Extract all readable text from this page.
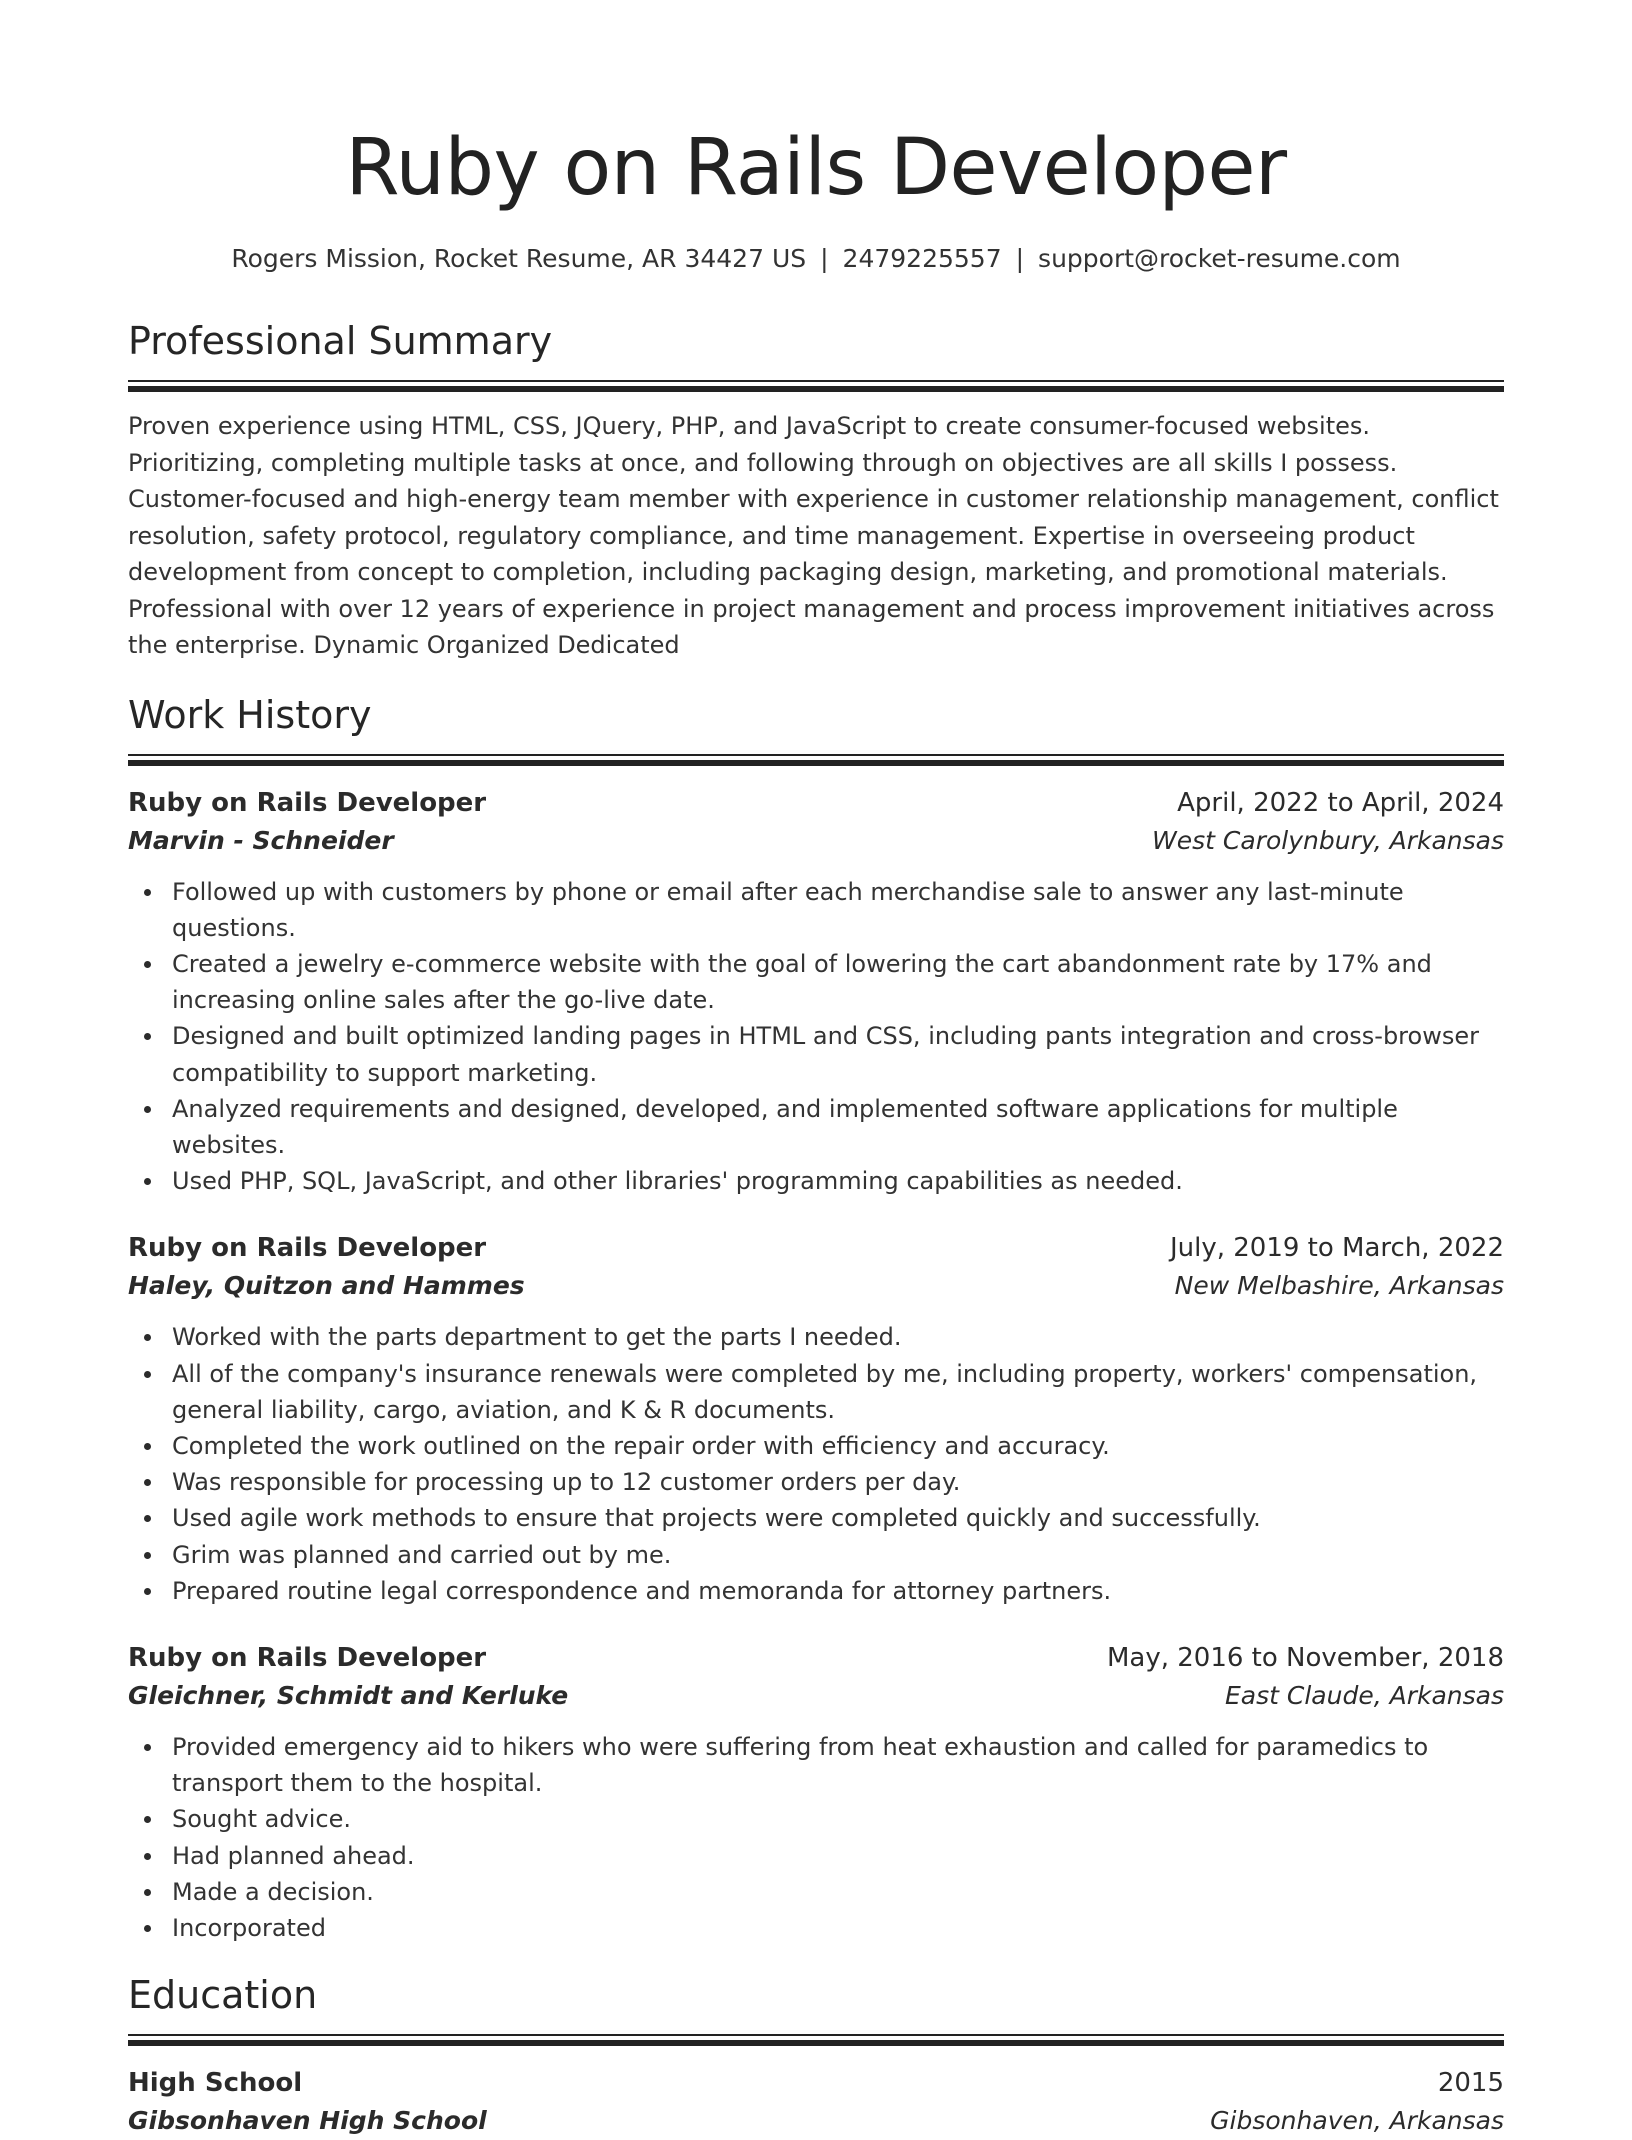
Ruby on Rails Developer
Rogers Mission, Rocket Resume, AR 34427 US | 2479225557 | support@rocket-resume.com
Professional Summary

Proven experience using HTML, CSS, JQuery, PHP, and JavaScript to create consumer-focused websites. Prioritizing, completing multiple tasks at once, and following through on objectives are all skills I possess. Customer-focused and high-energy team member with experience in customer relationship management, conflict resolution, safety protocol, regulatory compliance, and time management. Expertise in overseeing product development from concept to completion, including packaging design, marketing, and promotional materials. Professional with over 12 years of experience in project management and process improvement initiatives across the enterprise. Dynamic Organized Dedicated

Work History
Ruby on Rails Developer	April, 2022 to April, 2024
Marvin - Schneider	West Carolynbury, Arkansas
Followed up with customers by phone or email after each merchandise sale to answer any last-minute questions.
Created a jewelry e-commerce website with the goal of lowering the cart abandonment rate by 17% and increasing online sales after the go-live date.
Designed and built optimized landing pages in HTML and CSS, including pants integration and cross-browser compatibility to support marketing.
Analyzed requirements and designed, developed, and implemented software applications for multiple websites.
Used PHP, SQL, JavaScript, and other libraries' programming capabilities as needed.
Ruby on Rails Developer	July, 2019 to March, 2022
Haley, Quitzon and Hammes	New Melbashire, Arkansas
Worked with the parts department to get the parts I needed.
All of the company's insurance renewals were completed by me, including property, workers' compensation, general liability, cargo, aviation, and K & R documents.
Completed the work outlined on the repair order with efficiency and accuracy.
Was responsible for processing up to 12 customer orders per day.
Used agile work methods to ensure that projects were completed quickly and successfully.
Grim was planned and carried out by me.
Prepared routine legal correspondence and memoranda for attorney partners.
Ruby on Rails Developer	May, 2016 to November, 2018
Gleichner, Schmidt and Kerluke	East Claude, Arkansas
Provided emergency aid to hikers who were suffering from heat exhaustion and called for paramedics to transport them to the hospital.
Sought advice.
Had planned ahead.
Made a decision.
Incorporated
Education
High School	2015
Gibsonhaven High School	Gibsonhaven, Arkansas
